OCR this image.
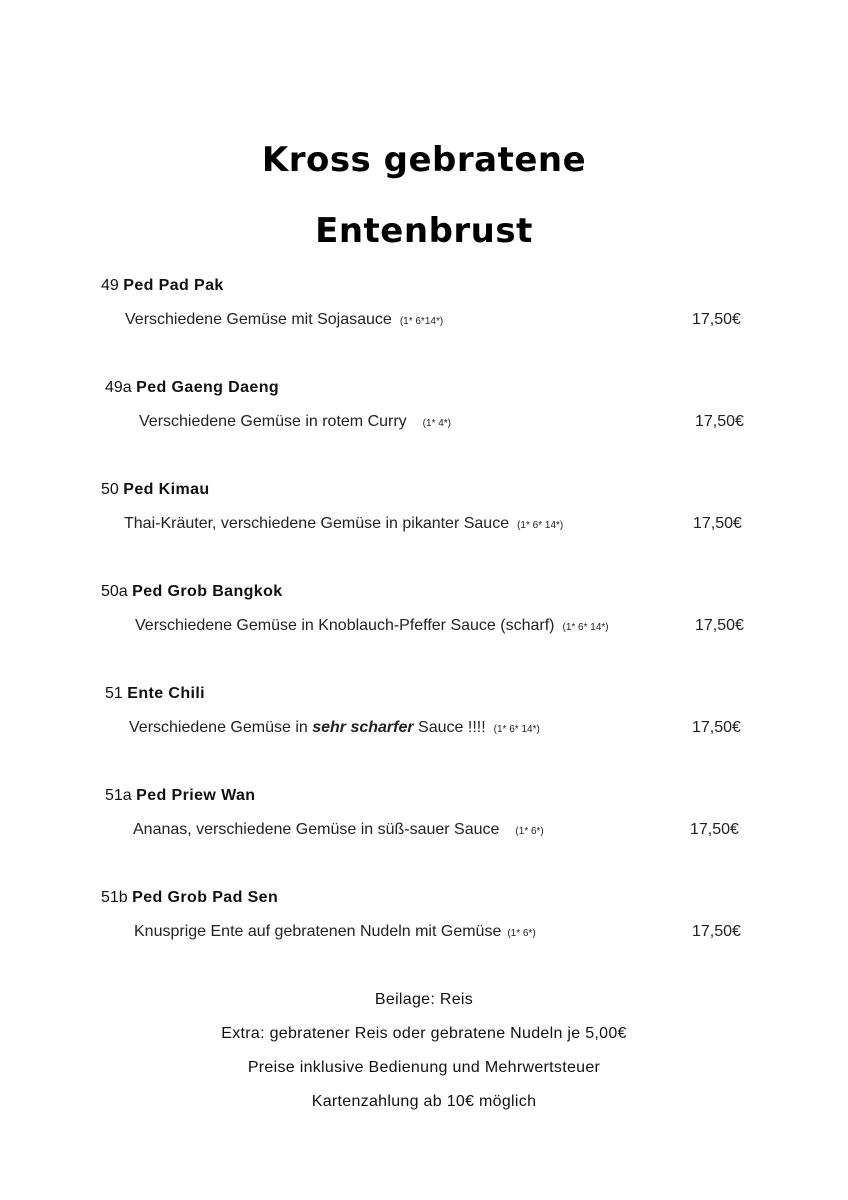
Kross gebratene
Entenbrust
49 Ped Pad Pak
Verschiedene Gemüse mit Sojasauce (1* 6*14*)	17,50€
49a Ped Gaeng Daeng
Verschiedene Gemüse in rotem Curry (1* 4*)	17,50€
50 Ped Kimau
Thai-Kräuter, verschiedene Gemüse in pikanter Sauce (1* 6* 14*)	17,50€
50a Ped Grob Bangkok
Verschiedene Gemüse in Knoblauch-Pfeffer Sauce (scharf) (1* 6* 14*)	17,50€
51 Ente Chili
Verschiedene Gemüse in sehr scharfer Sauce !!!! (1* 6* 14*)	17,50€
51a Ped Priew Wan
Ananas, verschiedene Gemüse in süß-sauer Sauce (1* 6*)	17,50€
51b Ped Grob Pad Sen
Knusprige Ente auf gebratenen Nudeln mit Gemüse (1* 6*)	17,50€
Beilage: Reis
Extra: gebratener Reis oder gebratene Nudeln je 5,00€
Preise inklusive Bedienung und Mehrwertsteuer
Kartenzahlung ab 10€ möglich
